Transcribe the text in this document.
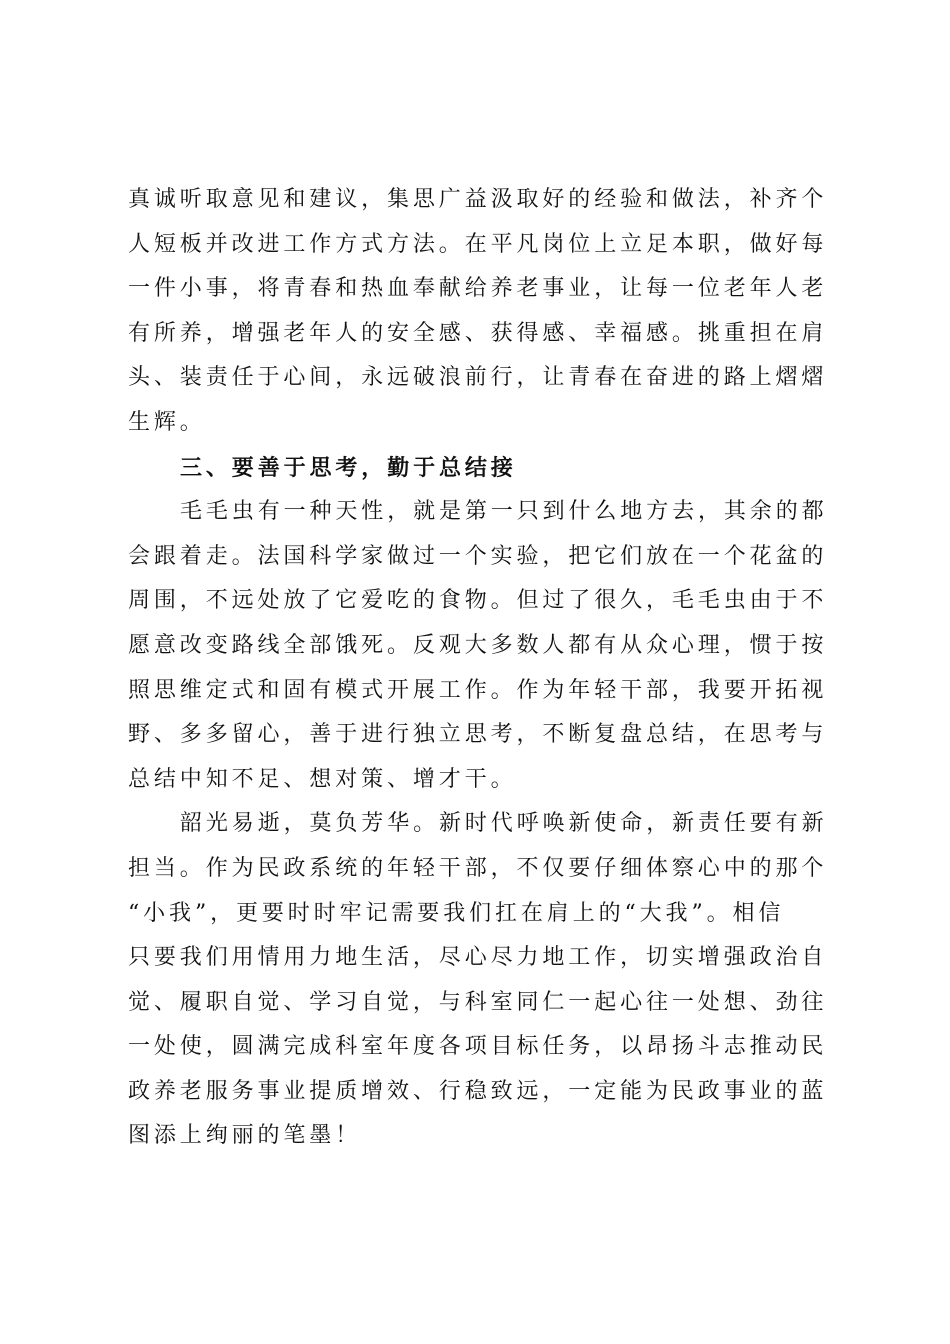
真诚听取意见和建议，集思广益汲取好的经验和做法，补齐个
人短板并改进工作方式方法。在平凡岗位上立足本职，做好每
一件小事，将青春和热血奉献给养老事业，让每一位老年人老
有所养，增强老年人的安全感、获得感、幸福感。挑重担在肩
头、装责任于心间，永远破浪前行，让青春在奋进的路上熠熠
生辉。
三、要善于思考，勤于总结接
毛毛虫有一种天性，就是第一只到什么地方去，其余的都
会跟着走。法国科学家做过一个实验，把它们放在一个花盆的
周围，不远处放了它爱吃的食物。但过了很久，毛毛虫由于不
愿意改变路线全部饿死。反观大多数人都有从众心理，惯于按
照思维定式和固有模式开展工作。作为年轻干部，我要开拓视
野、多多留心，善于进行独立思考，不断复盘总结，在思考与
总结中知不足、想对策、增才干。
韶光易逝，莫负芳华。新时代呼唤新使命，新责任要有新
担当。作为民政系统的年轻干部，不仅要仔细体察心中的那个
“小我”，更要时时牢记需要我们扛在肩上的“大我”。相信
只要我们用情用力地生活，尽心尽力地工作，切实增强政治自
觉、履职自觉、学习自觉，与科室同仁一起心往一处想、劲往
一处使，圆满完成科室年度各项目标任务，以昂扬斗志推动民
政养老服务事业提质增效、行稳致远，一定能为民政事业的蓝
图添上绚丽的笔墨！
